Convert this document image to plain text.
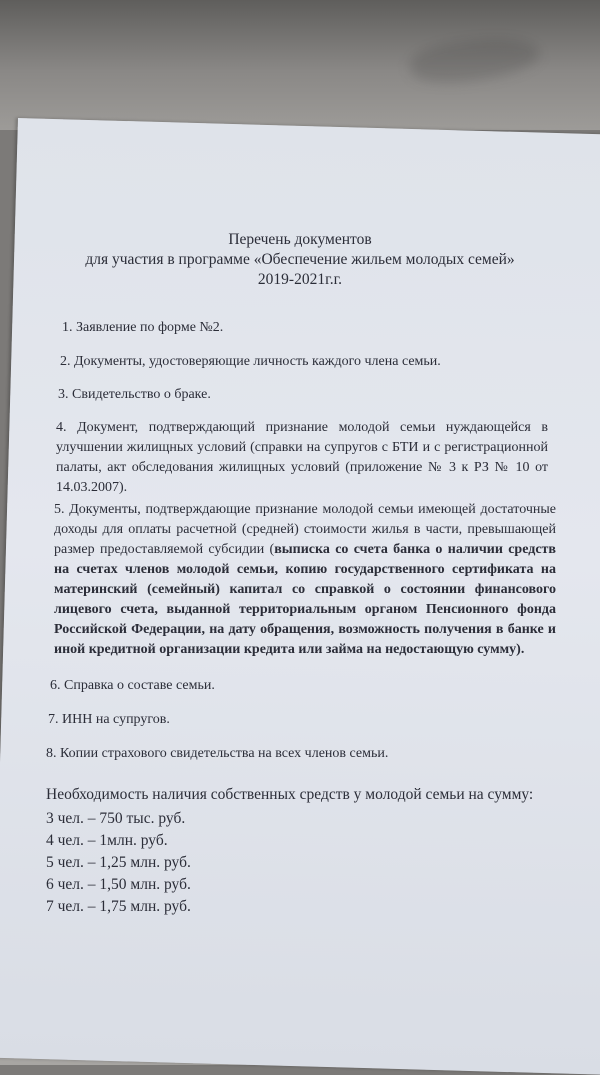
Перечень документов
для участия в программе «Обеспечение жильем молодых семей»
2019-2021г.г.
1. Заявление по форме №2.
2. Документы, удостоверяющие личность каждого члена семьи.
3. Свидетельство о браке.
4. Документ, подтверждающий признание молодой семьи нуждающейся в улучшении жилищных условий (справки на супругов с БТИ и с регистрационной палаты, акт обследования жилищных условий (приложение № 3 к РЗ № 10 от 14.03.2007).
5. Документы, подтверждающие признание молодой семьи имеющей достаточные доходы для оплаты расчетной (средней) стоимости жилья в части, превышающей размер предоставляемой субсидии (выписка со счета банка о наличии средств на счетах членов молодой семьи, копию государственного сертификата на материнский (семейный) капитал со справкой о состоянии финансового лицевого счета, выданной территориальным органом Пенсионного фонда Российской Федерации, на дату обращения, возможность получения в банке и иной кредитной организации кредита или займа на недостающую сумму).
6. Справка о составе семьи.
7. ИНН на супругов.
8. Копии страхового свидетельства на всех членов семьи.
Необходимость наличия собственных средств у молодой семьи на сумму:
3 чел. – 750 тыс. руб.
4 чел. – 1млн. руб.
5 чел. – 1,25 млн. руб.
6 чел. – 1,50 млн. руб.
7 чел. – 1,75 млн. руб.
